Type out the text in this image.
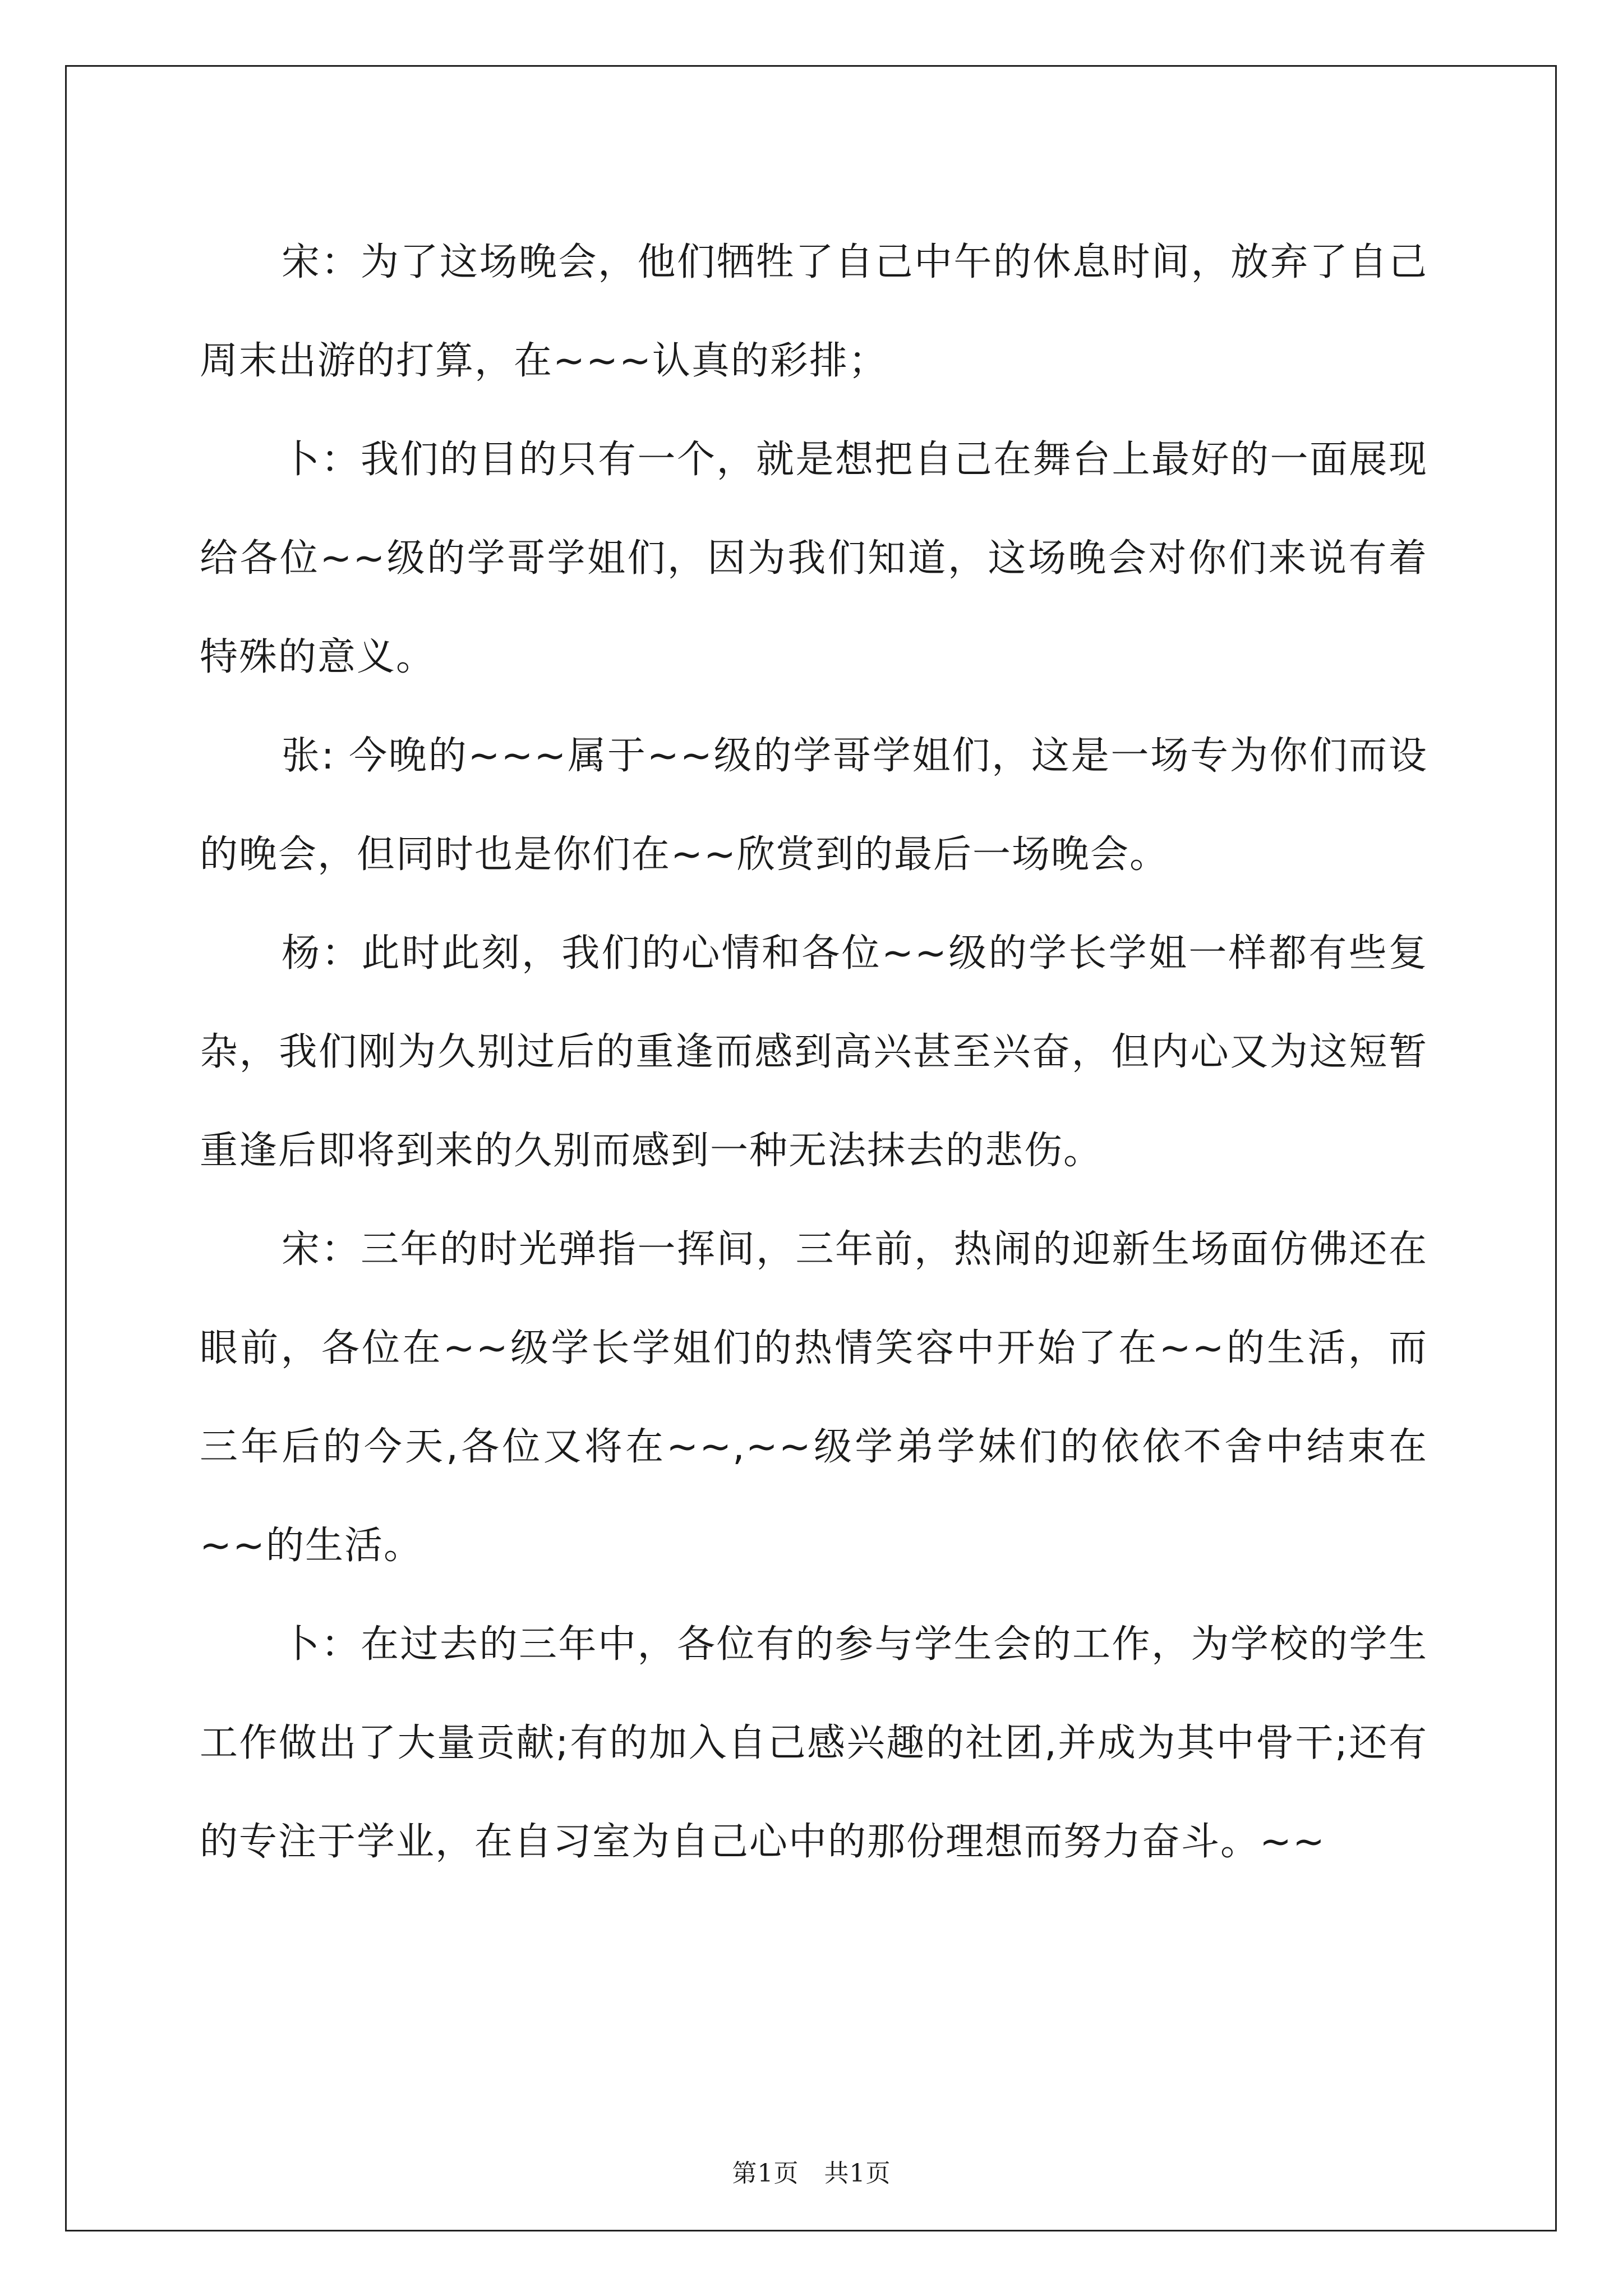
宋：为了这场晚会，他们牺牲了自己中午的休息时间，放弃了自己周末出游的打算，在~~~认真的彩排；

卜：我们的目的只有一个，就是想把自己在舞台上最好的一面展现给各位~~级的学哥学姐们，因为我们知道，这场晚会对你们来说有着特殊的意义。

张: 今晚的~~~属于~~级的学哥学姐们，这是一场专为你们而设的晚会，但同时也是你们在~~欣赏到的最后一场晚会。

杨：此时此刻，我们的心情和各位~~级的学长学姐一样都有些复杂，我们刚为久别过后的重逢而感到高兴甚至兴奋，但内心又为这短暂重逢后即将到来的久别而感到一种无法抹去的悲伤。

宋：三年的时光弹指一挥间，三年前，热闹的迎新生场面仿佛还在眼前，各位在~~级学长学姐们的热情笑容中开始了在~~的生活，而三年后的今天,各位又将在~~,~~级学弟学妹们的依依不舍中结束在~~的生活。

卜：在过去的三年中，各位有的参与学生会的工作，为学校的学生工作做出了大量贡献;有的加入自己感兴趣的社团,并成为其中骨干;还有的专注于学业，在自习室为自己心中的那份理想而努力奋斗。~~

第1页　共1页
